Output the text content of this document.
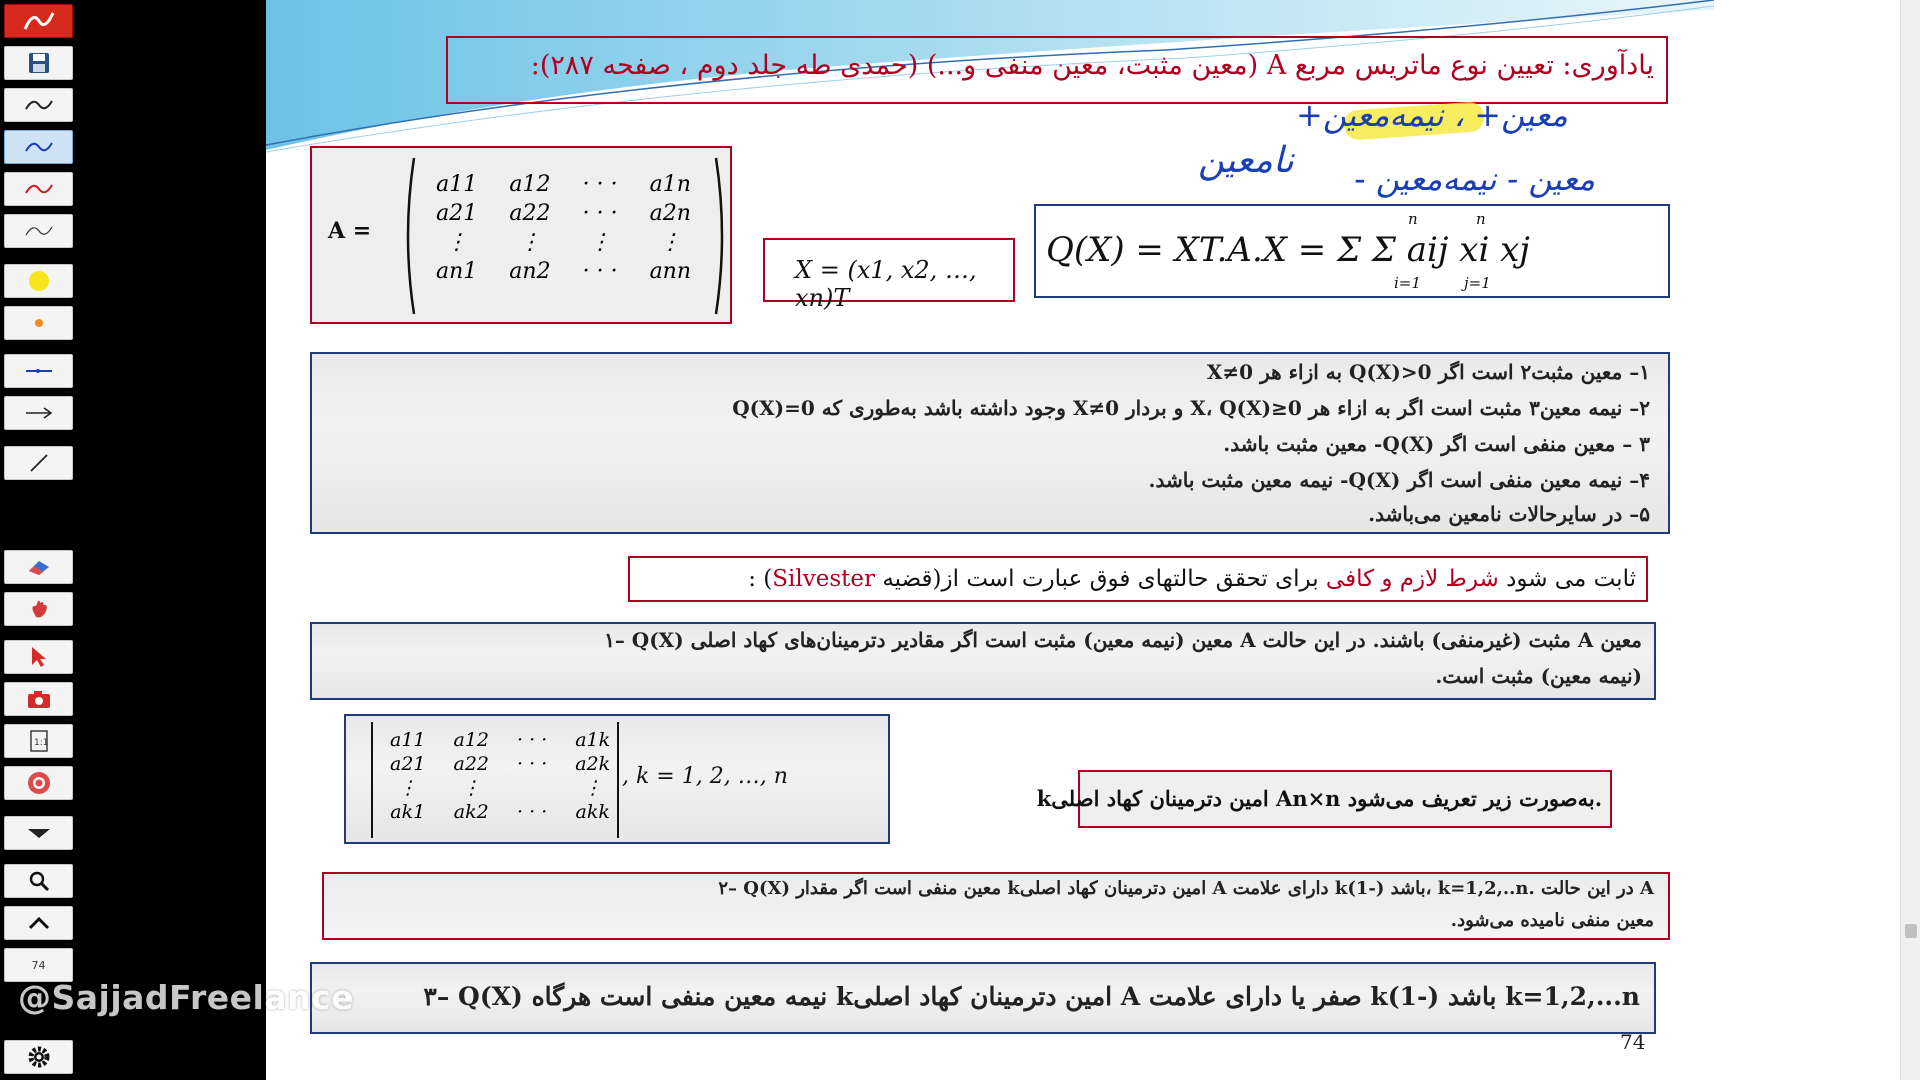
1:1
74
یادآوری: تعیین نوع ماتریس مربع A (معین مثبت، معین منفی و...) (حمدی طه جلد دوم ، صفحه ۲۸۷):
معین+ ، نیمه‌معین+
نامعین معین - نیمه‌معین -
A =
a11	a12	· · ·	a1n
a21	a22	· · ·	a2n
⋮	⋮	⋮	⋮
an1	an2	· · ·	ann	X = (x1, x2, …, xn)T
Q(X) = XT.A.X = Σ Σ aij xi xj
n	n
i=1	j=1
۱– معین مثبت۲ است اگر Q(X)>0 به ازاء هر X≠0
۲– نیمه معین۳ مثبت است اگر به ازاء هر X، Q(X)≥0 و بردار X≠0 وجود داشته باشد به‌طوری که Q(X)=0
۳ – معین منفی است اگر Q(X)- معین مثبت باشد.
۴– نیمه معین منفی است اگر Q(X)- نیمه معین مثبت باشد.
۵– در سایرحالات نامعین می‌باشد.
ثابت می شود شرط لازم و کافی برای تحقق حالتهای فوق عبارت است از(قضیه Silvester) :
۱– Q(X) معین (نیمه معین) مثبت است اگر مقادیر دترمینان‌های کهاد اصلی A مثبت (غیرمنفی) باشند. در این حالت A معین
(نیمه معین) مثبت است.
a11	a12	· · ·	a1k
a21	a22	· · ·	a2k
⋮	⋮		⋮
ak1	ak2	· · ·	akk
, k = 1, 2, …, n
kامین دترمینان کهاد اصلی An×n به‌صورت زیر تعریف می‌شود.
۲– Q(X) معین منفی است اگر مقدار kامین دترمینان کهاد اصلی A دارای علامت k(1-) باشد، k=1,2,..n. در این حالت A
معین منفی نامیده می‌شود.
۳– Q(X) نیمه معین منفی است هرگاه kامین دترمینان کهاد اصلی A صفر یا دارای علامت k(1-) باشد k=1,2,...n
74
@SajjadFreelance
